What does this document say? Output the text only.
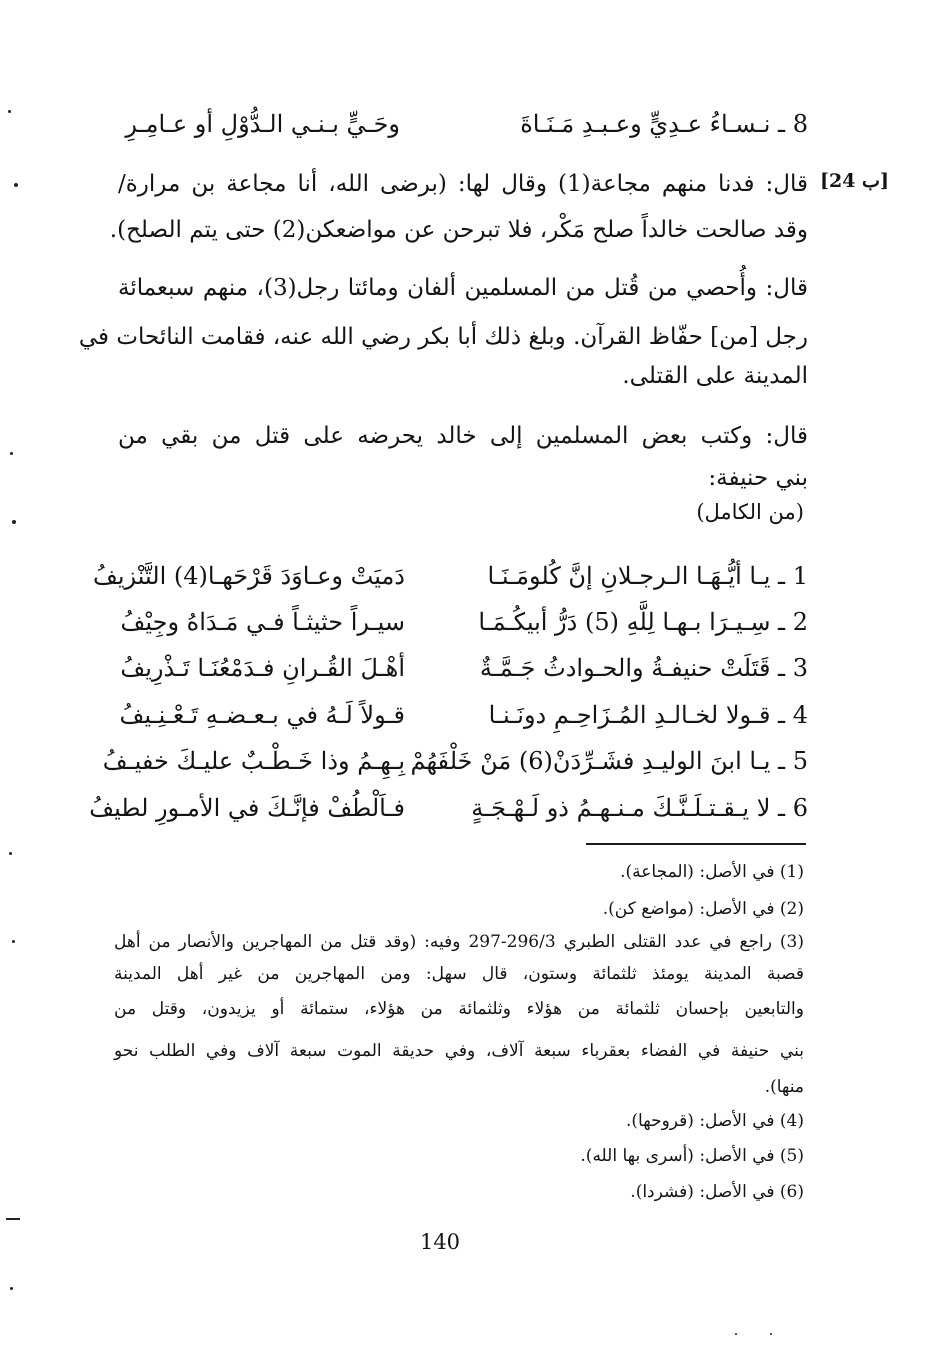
8 ـ نـسـاءُ عـدِيٍّ وعـبـدِ مَـنَـاةَ
وحَـيٍّ بـنـي الـدُّوْلِ أو عـامِـرِ
[24 ب]
قال: فدنا منهم مجاعة(1) وقال لها: (برضى الله، أنا مجاعة بن مرارة/
وقد صالحت خالداً صلح مَكْر، فلا تبرحن عن مواضعكن(2) حتى يتم الصلح).
قال: وأُحصي من قُتل من المسلمين ألفان ومائتا رجل(3)، منهم سبعمائة
رجل [من] حفّاظ القرآن. وبلغ ذلك أبا بكر رضي الله عنه، فقامت النائحات في
المدينة على القتلى.
قال: وكتب بعض المسلمين إلى خالد يحرضه على قتل من بقي من
بني حنيفة:
(من الكامل)
1 ـ يـا أيُّـهَـا الـرجـلانِ إنَّ كُلومَـنَـا
دَميَتْ وعـاوَدَ قَرْحَهـا(4) التَّنْزيفُ
2 ـ سِـيـرَا بـهـا لِلَّهِ (5) دَرُّ أبيكُـمَـا
سيـراً حثيثـاً فـي مَـدَاهُ وجِيْفُ
3 ـ قَتَلَتْ حنيفـةُ والحـوادثُ جَـمَّـةٌ
أهْـلَ القُـرانِ فـدَمْعُنَـا تَـذْرِيفُ
4 ـ قـولا لخـالـدِ المُـزَاحِـمِ دونَـنـا
قـولاً لَـهُ في بـعـضـهِ تَـعْـنِـيفُ
5 ـ يـا ابنَ الوليـدِ فشَـرِّدَنْ(6) مَنْ خَلْفَهُمْ
بِـهِـمُ وذا خَـطْـبٌ عليـكَ خفيـفُ
6 ـ لا يـقـتـلَـنَّـكَ مـنـهـمُ ذو لَـهْـجَـةٍ
فـاَلْطُفْ فإنَّـكَ في الأمـورِ لطيفُ
(1) في الأصل: (المجاعة).
(2) في الأصل: (مواضع كن).
(3) راجع في عدد القتلى الطبري 296/3-297 وفيه: (وقد قتل من المهاجرين والأنصار من أهل
قصبة المدينة يومئذ ثلثمائة وستون، قال سهل: ومن المهاجرين من غير أهل المدينة
والتابعين بإحسان ثلثمائة من هؤلاء وثلثمائة من هؤلاء، ستمائة أو يزيدون، وقتل من
بني حنيفة في الفضاء بعقرباء سبعة آلاف، وفي حديقة الموت سبعة آلاف وفي الطلب نحو
منها).
(4) في الأصل: (قروحها).
(5) في الأصل: (أسرى بها الله).
(6) في الأصل: (فشردا).
140
